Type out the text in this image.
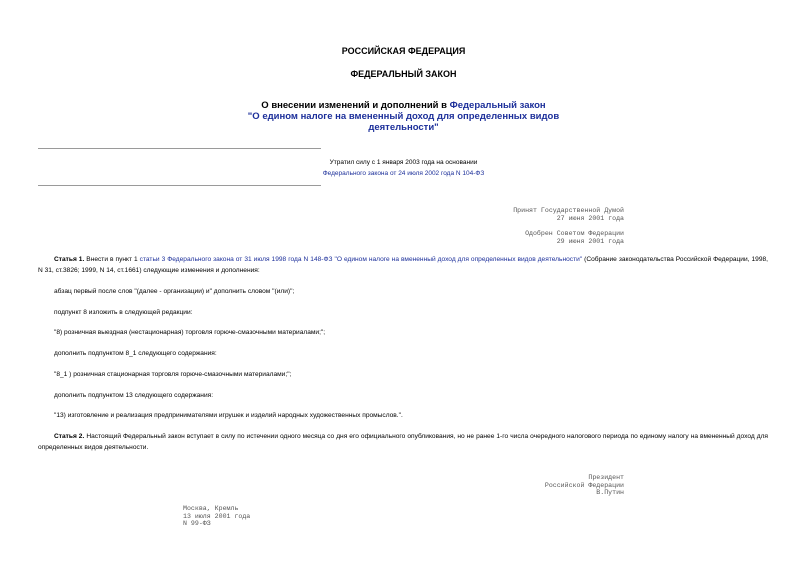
РОССИЙСКАЯ ФЕДЕРАЦИЯ
ФЕДЕРАЛЬНЫЙ ЗАКОН
О внесении изменений и дополнений в Федеральный закон
"О едином налоге на вмененный доход для определенных видов
деятельности"
Утратил силу с 1 января 2003 года на основании
Федерального закона от 24 июля 2002 года N 104-ФЗ
Принят Государственной Думой
27 июня 2001 года
Одобрен Советом Федерации
29 июня 2001 года
Статья 1. Внести в пункт 1 статьи 3 Федерального закона от 31 июля 1998 года N 148-ФЗ "О едином налоге на вмененный доход для определенных видов деятельности" (Собрание законодательства Российской Федерации, 1998, N 31, ст.3826; 1999, N 14, ст.1661) следующие изменения и дополнения:
абзац первый после слов "(далее - организации) и" дополнить словом "(или)";
подпункт 8 изложить в следующей редакции:
"8) розничная выездная (нестационарная) торговля горюче-смазочными материалами;";
дополнить подпунктом 8_1 следующего содержания:
"8_1 ) розничная стационарная торговля горюче-смазочными материалами;";
дополнить подпунктом 13 следующего содержания:
"13) изготовление и реализация предпринимателями игрушек и изделий народных художественных промыслов.".
Статья 2. Настоящий Федеральный закон вступает в силу по истечении одного месяца со дня его официального опубликования, но не ранее 1-го числа очередного налогового периода по единому налогу на вмененный доход для определенных видов деятельности.
Президент
Российской Федерации
В.Путин
Москва, Кремль
13 июля 2001 года
N 99-ФЗ
